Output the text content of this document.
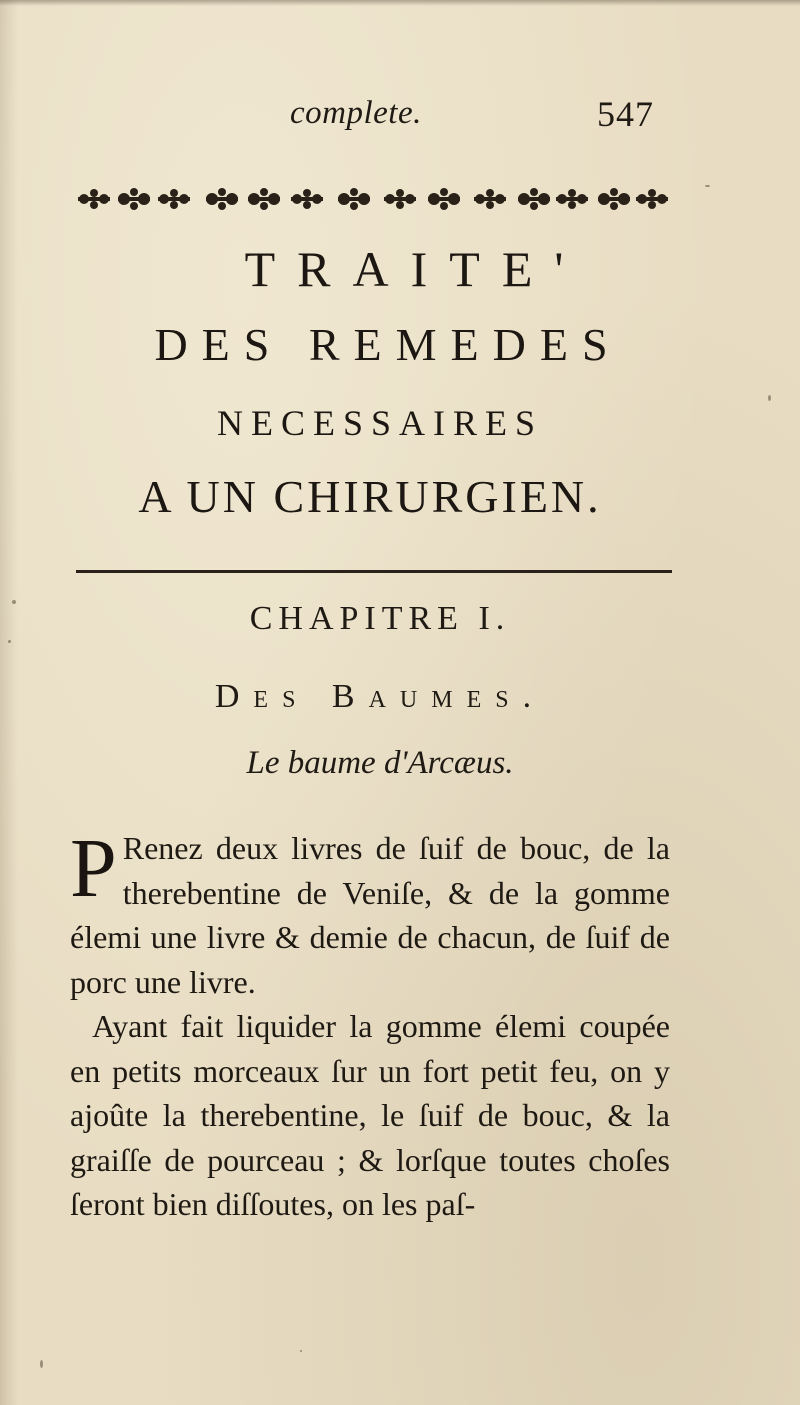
complete.	547
TRAITE'
DES REMEDES
NECESSAIRES
A UN CHIRURGIEN.
CHAPITRE I.
Des Baumes.
Le baume d'Arcæus.

P Renez deux livres de ſuif de bouc, de la therebentine de Veniſe, & de la gomme élemi une livre & demie de chacun, de ſuif de porc une livre.

Ayant fait liquider la gomme élemi coupée en petits morceaux ſur un fort petit feu, on y ajoûte la therebentine, le ſuif de bouc, & la graiſſe de pourceau ; & lorſque toutes choſes ſeront bien diſſoutes, on les paſ-
